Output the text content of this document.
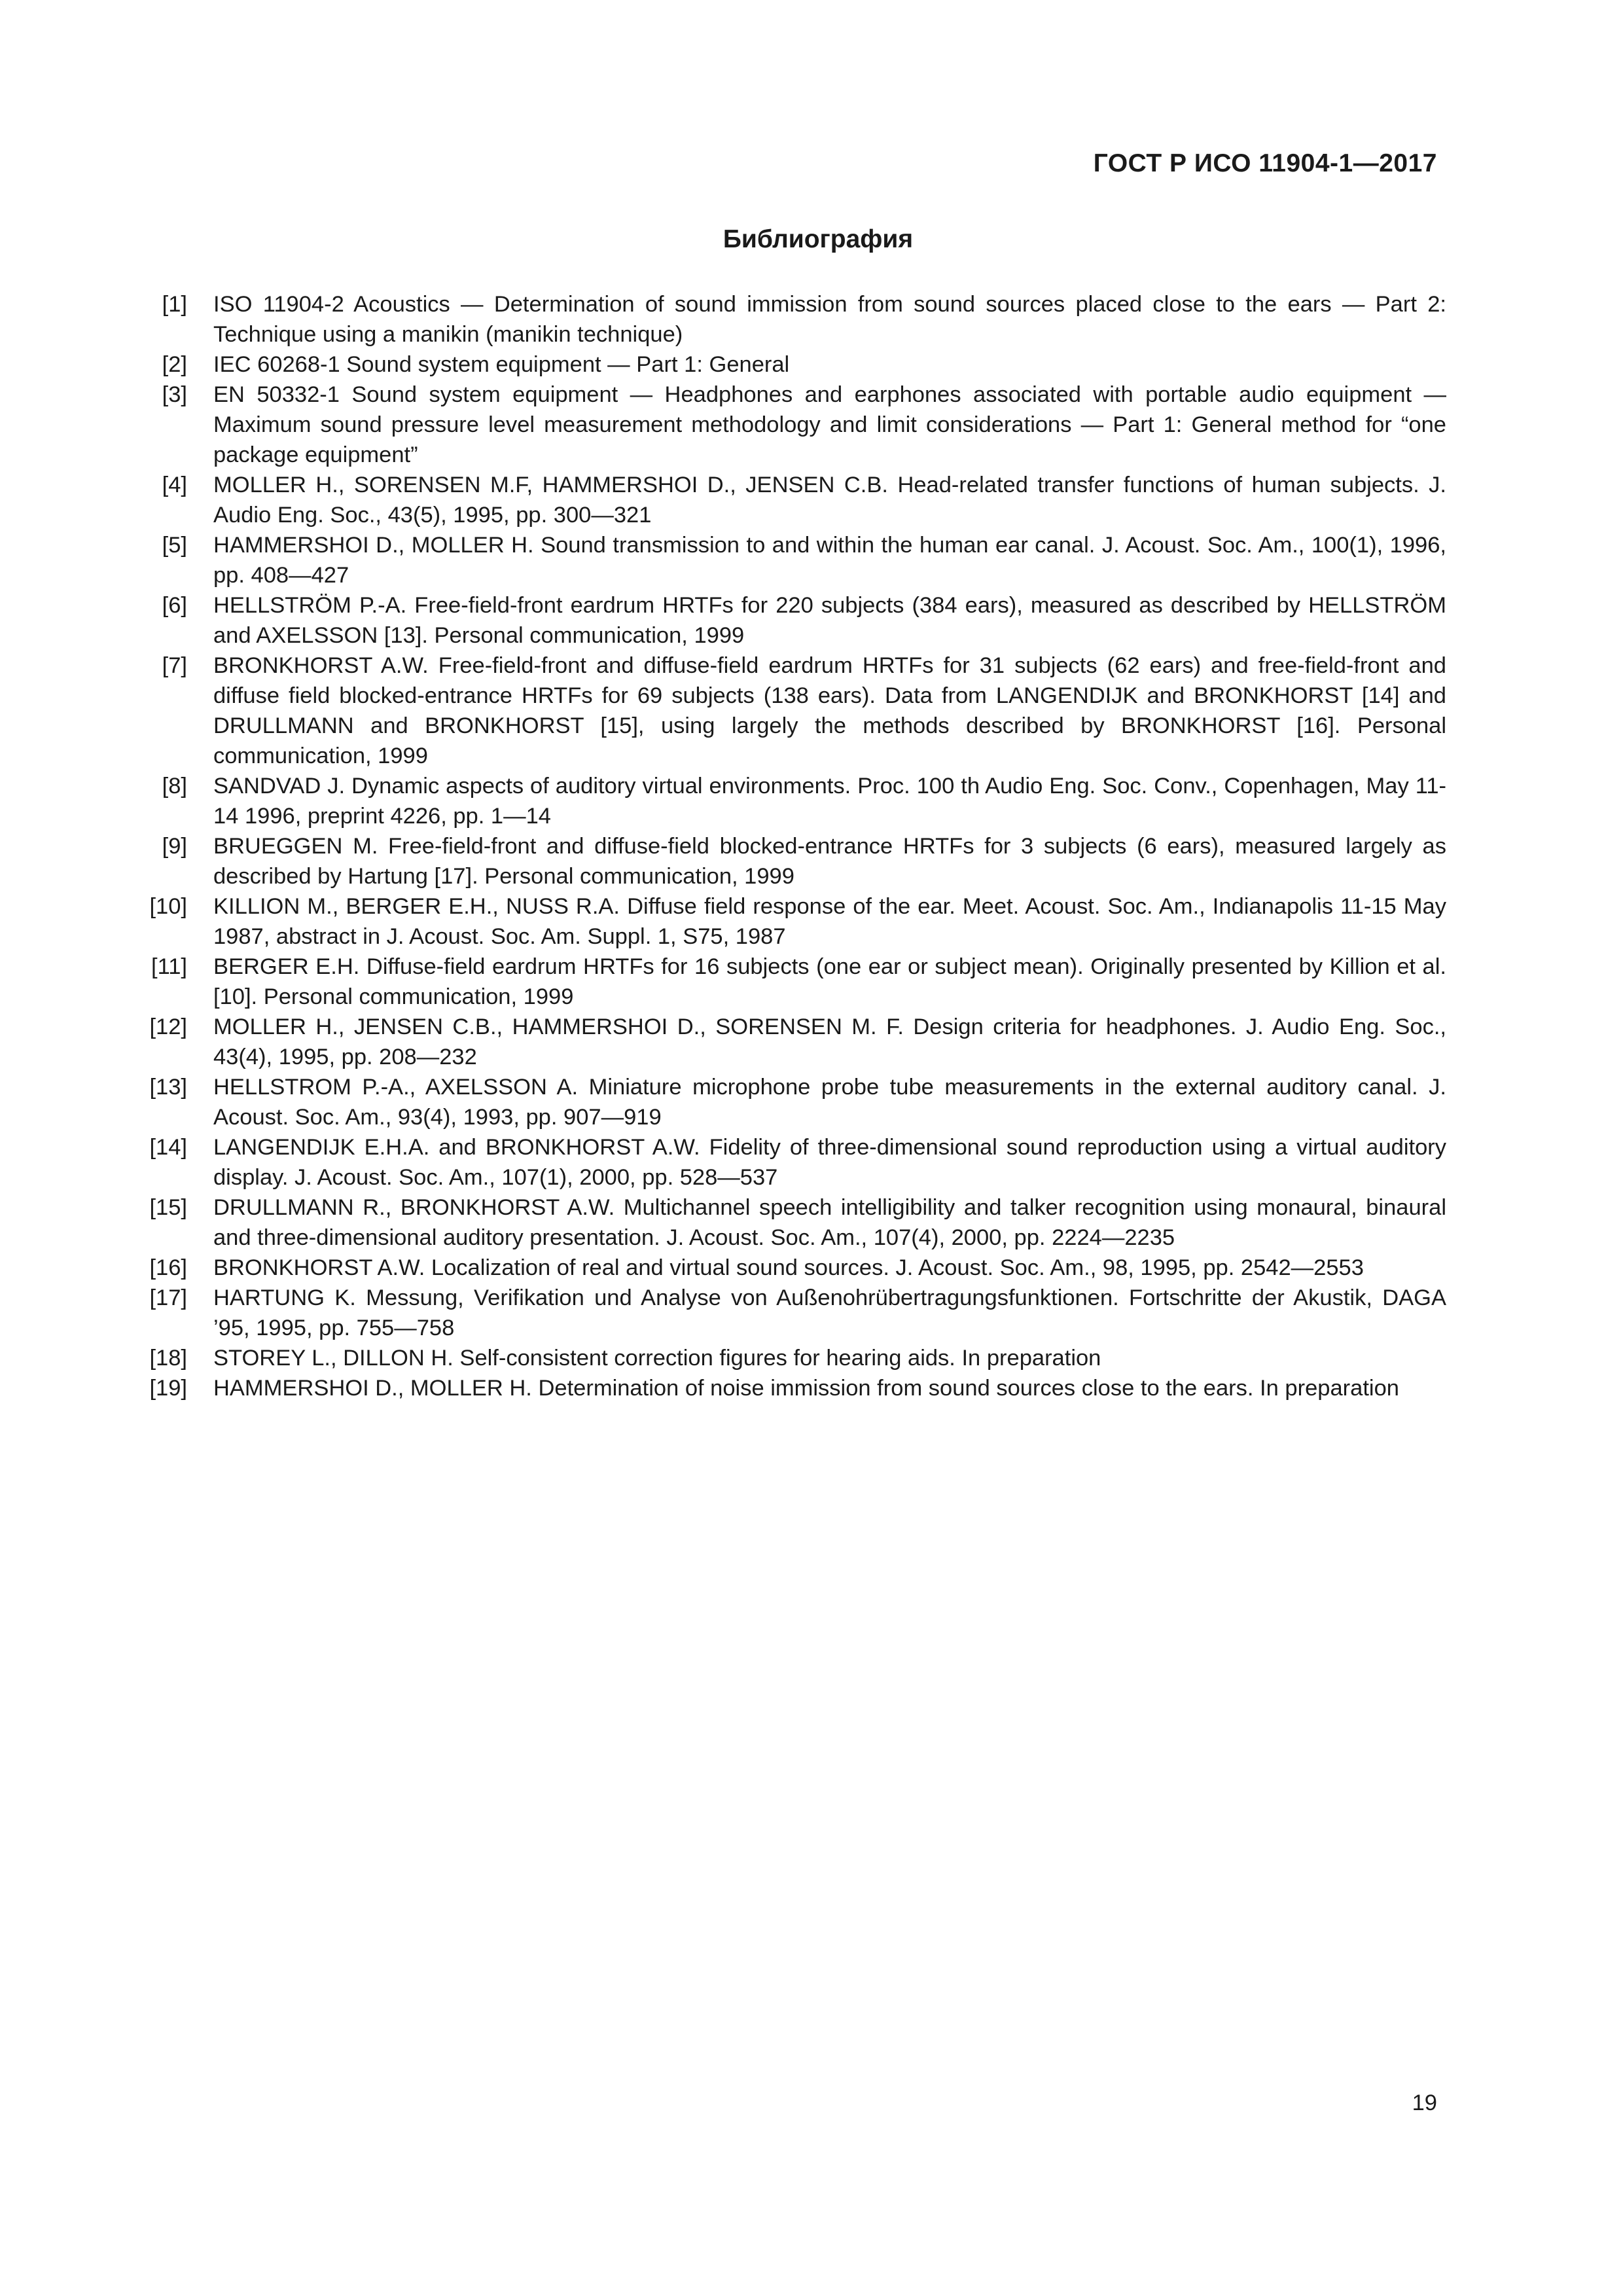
ГОСТ Р ИСО 11904-1—2017
Библиография
[1] ISO 11904-2 Acoustics — Determination of sound immission from sound sources placed close to the ears — Part 2: Technique using a manikin (manikin technique)
[2] IEC 60268-1 Sound system equipment — Part 1: General
[3] EN 50332-1 Sound system equipment — Headphones and earphones associated with portable audio equipment — Maximum sound pressure level measurement methodology and limit considerations — Part 1: General method for “one package equipment”
[4] MOLLER H., SORENSEN M.F, HAMMERSHOI D., JENSEN C.B. Head-related transfer functions of human subjects. J. Audio Eng. Soc., 43(5), 1995, pp. 300—321
[5] HAMMERSHOI D., MOLLER H. Sound transmission to and within the human ear canal. J. Acoust. Soc. Am., 100(1), 1996, pp. 408—427
[6] HELLSTRÖM P.-A. Free-field-front eardrum HRTFs for 220 subjects (384 ears), measured as described by HELLSTRÖM and AXELSSON [13]. Personal communication, 1999
[7] BRONKHORST A.W. Free-field-front and diffuse-field eardrum HRTFs for 31 subjects (62 ears) and free-field-front and diffuse field blocked-entrance HRTFs for 69 subjects (138 ears). Data from LANGENDIJK and BRONKHORST [14] and DRULLMANN and BRONKHORST [15], using largely the methods described by BRONKHORST [16]. Personal communication, 1999
[8] SANDVAD J. Dynamic aspects of auditory virtual environments. Proc. 100 th Audio Eng. Soc. Conv., Copenhagen, May 11-14 1996, preprint 4226, pp. 1—14
[9] BRUEGGEN M. Free-field-front and diffuse-field blocked-entrance HRTFs for 3 subjects (6 ears), measured largely as described by Hartung [17]. Personal communication, 1999
[10] KILLION M., BERGER E.H., NUSS R.A. Diffuse field response of the ear. Meet. Acoust. Soc. Am., Indianapolis 11-15 May 1987, abstract in J. Acoust. Soc. Am. Suppl. 1, S75, 1987
[11] BERGER E.H. Diffuse-field eardrum HRTFs for 16 subjects (one ear or subject mean). Originally presented by Killion et al. [10]. Personal communication, 1999
[12] MOLLER H., JENSEN C.B., HAMMERSHOI D., SORENSEN M. F. Design criteria for headphones. J. Audio Eng. Soc., 43(4), 1995, pp. 208—232
[13] HELLSTROM P.-A., AXELSSON A. Miniature microphone probe tube measurements in the external auditory canal. J. Acoust. Soc. Am., 93(4), 1993, pp. 907—919
[14] LANGENDIJK E.H.A. and BRONKHORST A.W. Fidelity of three-dimensional sound reproduction using a virtual auditory display. J. Acoust. Soc. Am., 107(1), 2000, pp. 528—537
[15] DRULLMANN R., BRONKHORST A.W. Multichannel speech intelligibility and talker recognition using monaural, binaural and three-dimensional auditory presentation. J. Acoust. Soc. Am., 107(4), 2000, pp. 2224—2235
[16] BRONKHORST A.W. Localization of real and virtual sound sources. J. Acoust. Soc. Am., 98, 1995, pp. 2542—2553
[17] HARTUNG K. Messung, Verifikation und Analyse von Außenohrübertragungsfunktionen. Fortschritte der Akustik, DAGA ’95, 1995, pp. 755—758
[18] STOREY L., DILLON H. Self-consistent correction figures for hearing aids. In preparation
[19] HAMMERSHOI D., MOLLER H. Determination of noise immission from sound sources close to the ears. In preparation
19
